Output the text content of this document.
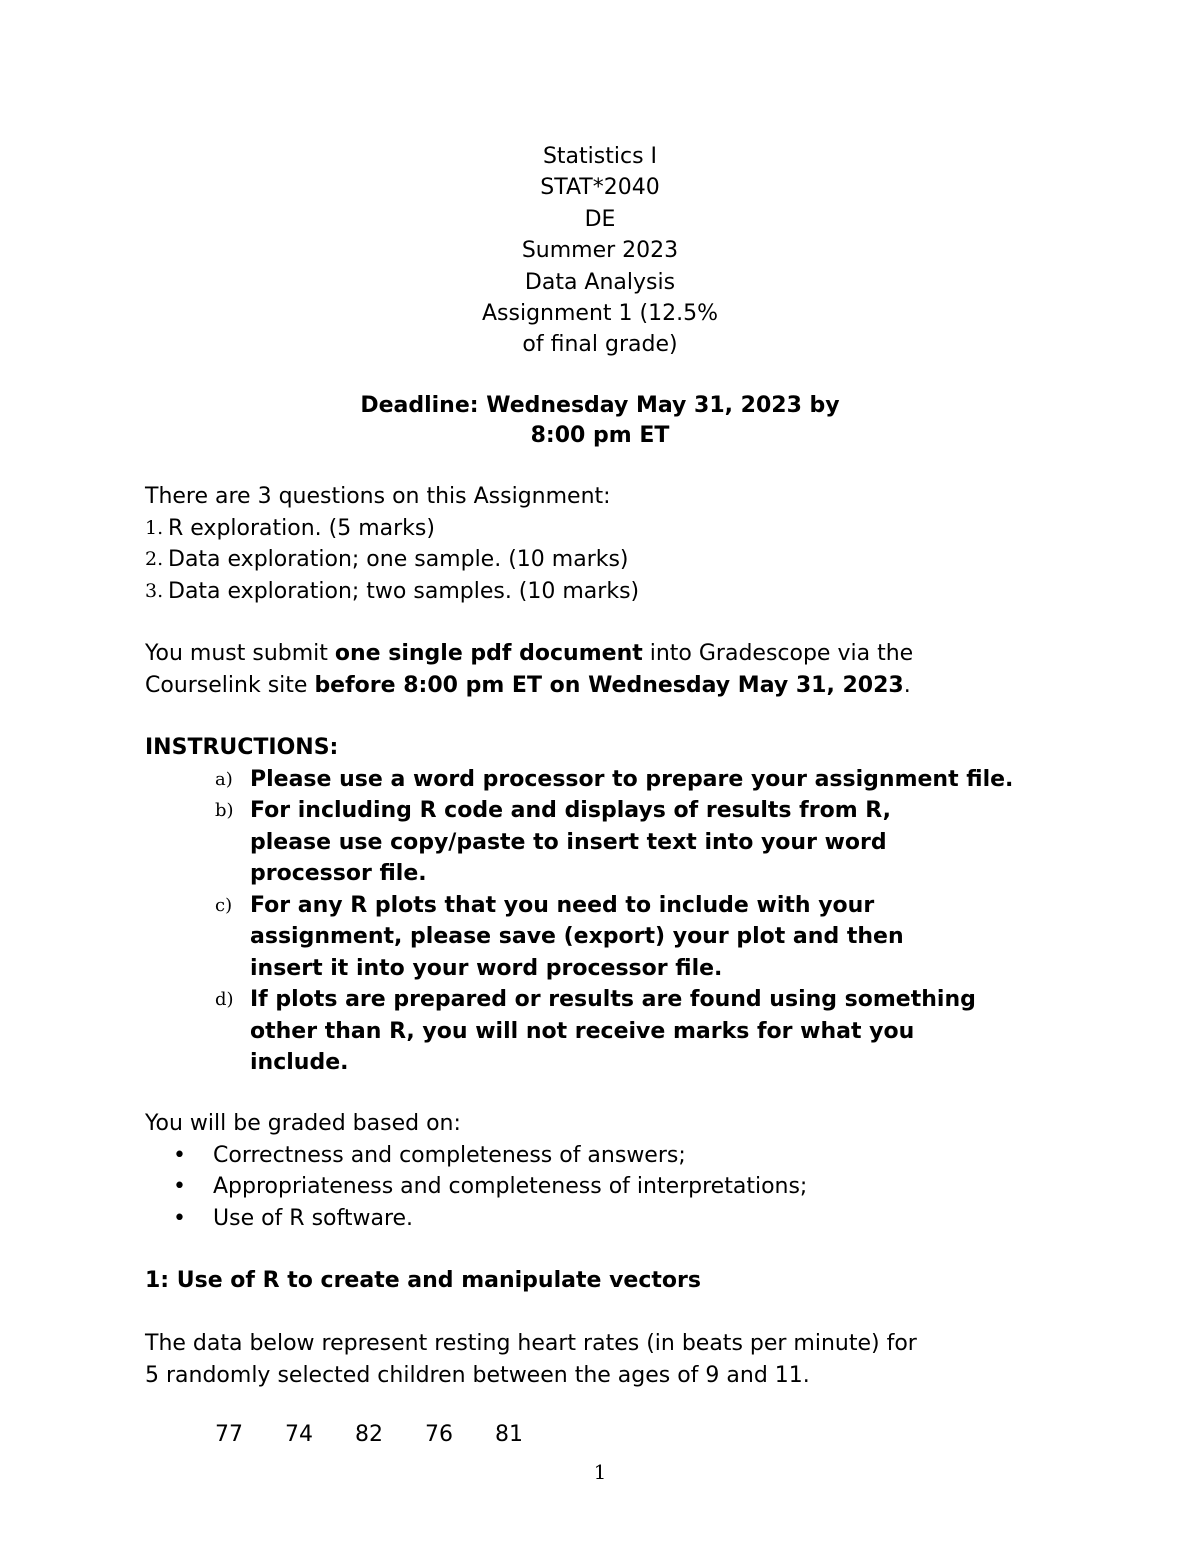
Statistics I
STAT*2040
DE
Summer 2023
Data Analysis
Assignment 1 (12.5%
of final grade)
Deadline: Wednesday May 31, 2023 by
8:00 pm ET
There are 3 questions on this Assignment:
1. R exploration. (5 marks)
2. Data exploration; one sample. (10 marks)
3. Data exploration; two samples. (10 marks)
You must submit one single pdf document into Gradescope via the
Courselink site before 8:00 pm ET on Wednesday May 31, 2023.
INSTRUCTIONS:
a) Please use a word processor to prepare your assignment file.
b) For including R code and displays of results from R,
please use copy/paste to insert text into your word
processor file.
c) For any R plots that you need to include with your
assignment, please save (export) your plot and then
insert it into your word processor file.
d) If plots are prepared or results are found using something
other than R, you will not receive marks for what you
include.
You will be graded based on:
•	Correctness and completeness of answers;
•	Appropriateness and completeness of interpretations;
•	Use of R software.
1: Use of R to create and manipulate vectors
The data below represent resting heart rates (in beats per minute) for
5 randomly selected children between the ages of 9 and 11.
77 74 82 76 81
1
